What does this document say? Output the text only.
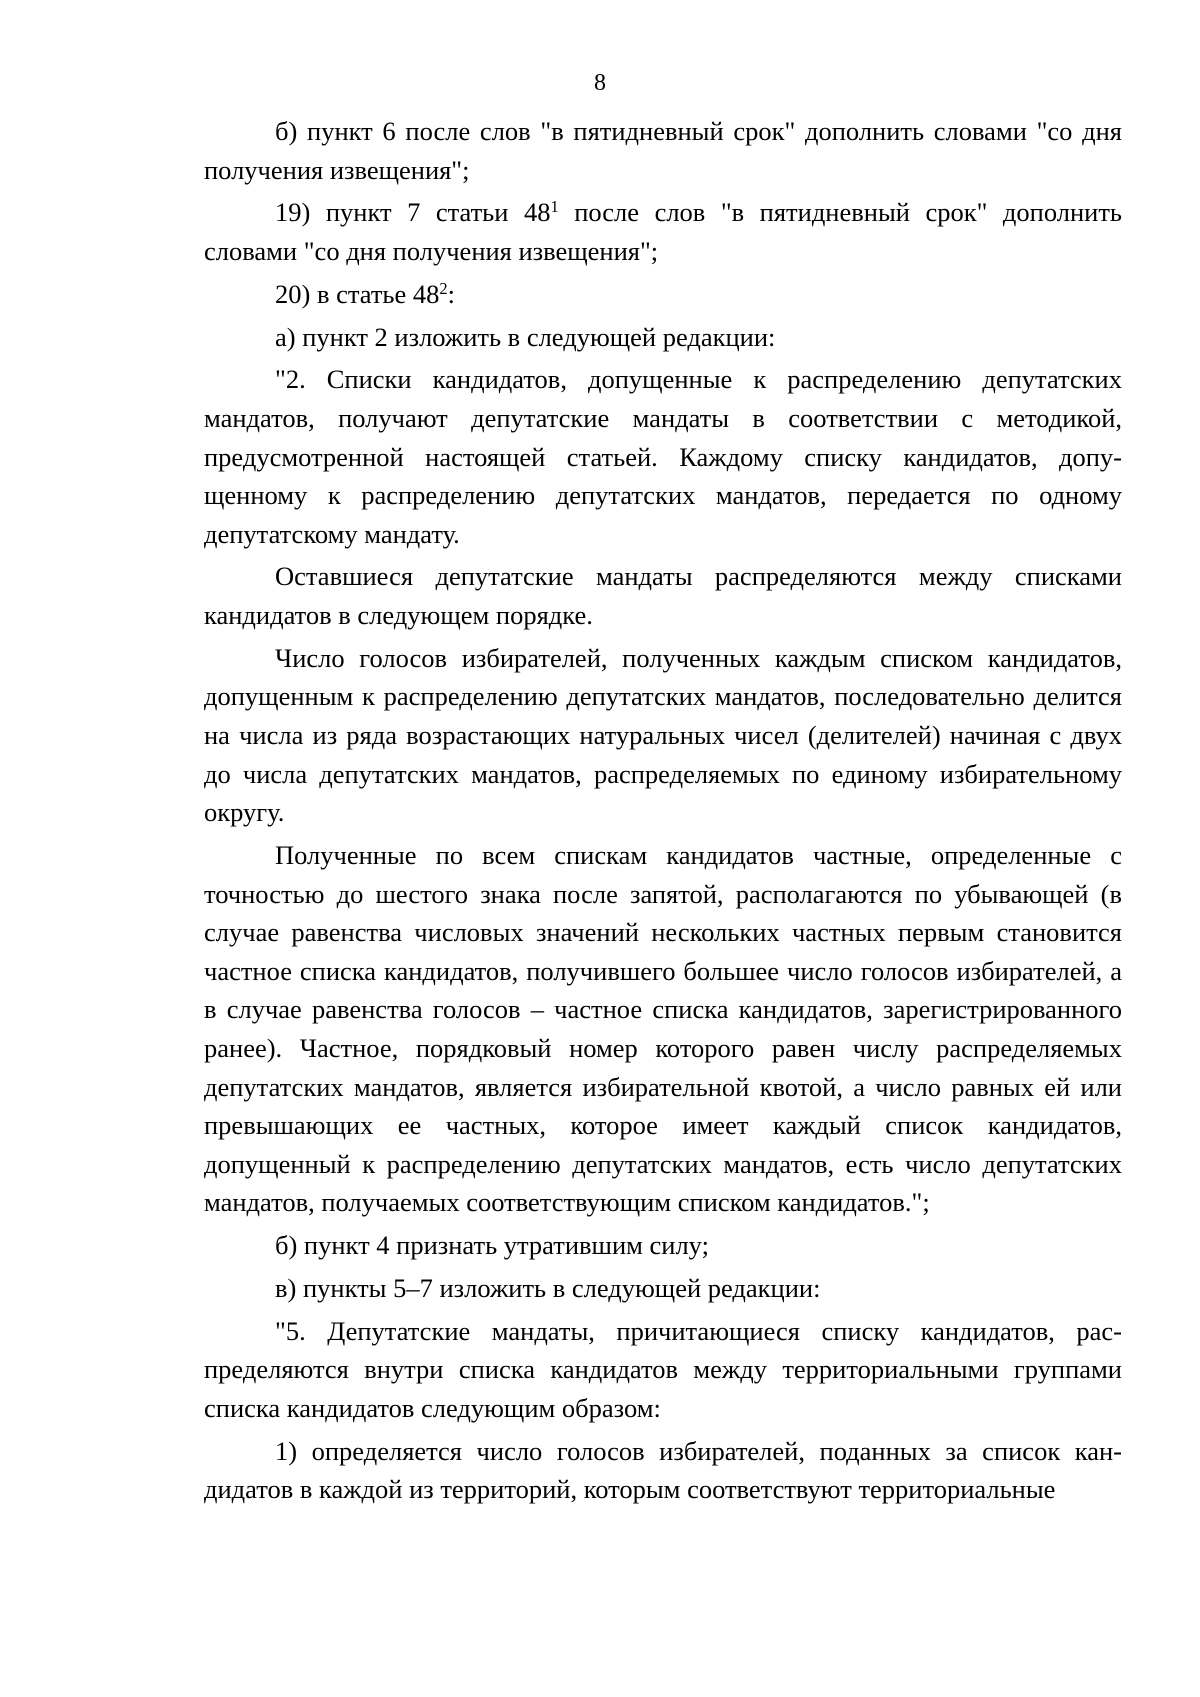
8

б) пункт 6 после слов "в пятидневный срок" дополнить словами "со дня получения извещения";

19) пункт 7 статьи $48^1$ после слов "в пятидневный срок" дополнить словами "со дня получения извещения";

20) в статье $48^2$:

а) пункт 2 изложить в следующей редакции:

"2. Списки кандидатов, допущенные к распределению депутатских мандатов, получают депутатские мандаты в соответствии с методикой, предусмотренной настоящей статьей. Каждому списку кандидатов, допущенному к распределению депутатских мандатов, передается по одному депутатскому мандату.

Оставшиеся депутатские мандаты распределяются между списками кандидатов в следующем порядке.

Число голосов избирателей, полученных каждым списком кандидатов, допущенным к распределению депутатских мандатов, последовательно делится на числа из ряда возрастающих натуральных чисел (делителей) начиная с двух до числа депутатских мандатов, распределяемых по единому избирательному округу.

Полученные по всем спискам кандидатов частные, определенные с точностью до шестого знака после запятой, располагаются по убывающей (в случае равенства числовых значений нескольких частных первым становится частное списка кандидатов, получившего большее число голосов избирателей, а в случае равенства голосов – частное списка кандидатов, зарегистрированного ранее). Частное, порядковый номер которого равен числу распределяемых депутатских мандатов, является избирательной квотой, а число равных ей или превышающих ее частных, которое имеет каждый список кандидатов, допущенный к распределению депутатских мандатов, есть число депутатских мандатов, получаемых соответствующим списком кандидатов.";

б) пункт 4 признать утратившим силу;

в) пункты 5–7 изложить в следующей редакции:

"5. Депутатские мандаты, причитающиеся списку кандидатов, распределяются внутри списка кандидатов между территориальными группами списка кандидатов следующим образом:

1) определяется число голосов избирателей, поданных за список кандидатов в каждой из территорий, которым соответствуют территориальные
